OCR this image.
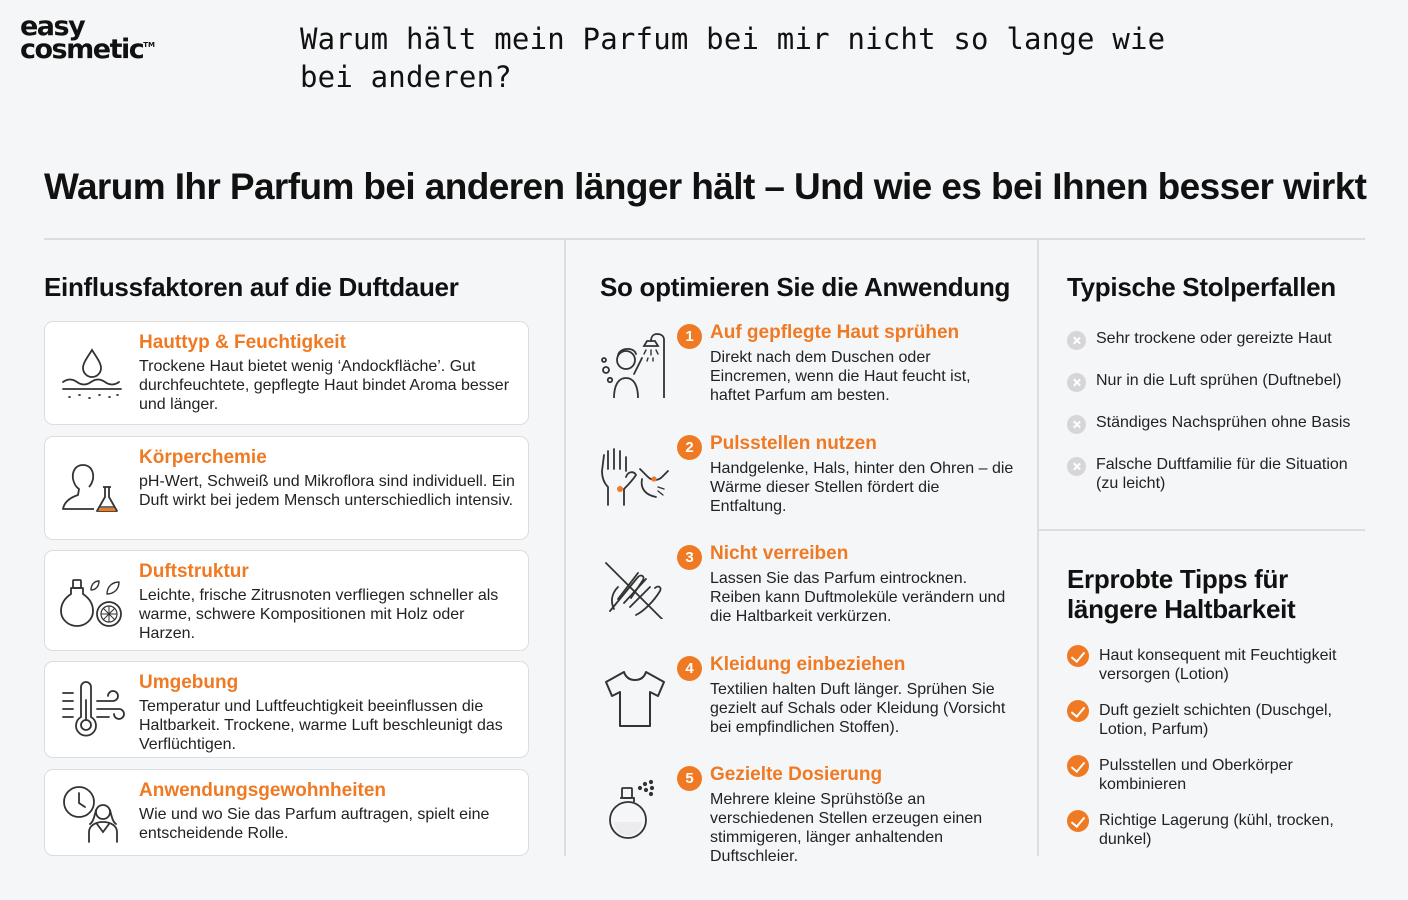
easy
cosmetic™	Warum hält mein Parfum bei mir nicht so lange wie bei anderen?
Warum Ihr Parfum bei anderen länger hält – Und wie es bei Ihnen besser wirkt
Einflussfaktoren auf die Duftdauer
Hauttyp & Feuchtigkeit
Trockene Haut bietet wenig ‘Andockfläche’. Gut durchfeuchtete, gepflegte Haut bindet Aroma besser und länger.
Körperchemie
pH-Wert, Schweiß und Mikroflora sind individuell. Ein Duft wirkt bei jedem Mensch unterschiedlich intensiv.
Duftstruktur
Leichte, frische Zitrusnoten verfliegen schneller als warme, schwere Kompositionen mit Holz oder Harzen.
Umgebung
Temperatur und Luftfeuchtigkeit beeinflussen die Haltbarkeit. Trockene, warme Luft beschleunigt das Verflüchtigen.
Anwendungsgewohnheiten
Wie und wo Sie das Parfum auftragen, spielt eine entscheidende Rolle.
So optimieren Sie die Anwendung
1 Auf gepflegte Haut sprühen
Direkt nach dem Duschen oder Eincremen, wenn die Haut feucht ist, haftet Parfum am besten.
2 Pulsstellen nutzen
Handgelenke, Hals, hinter den Ohren – die Wärme dieser Stellen fördert die Entfaltung.
3 Nicht verreiben
Lassen Sie das Parfum eintrocknen. Reiben kann Duftmoleküle verändern und die Haltbarkeit verkürzen.
4 Kleidung einbeziehen
Textilien halten Duft länger. Sprühen Sie gezielt auf Schals oder Kleidung (Vorsicht bei empfindlichen Stoffen).
5 Gezielte Dosierung
Mehrere kleine Sprühstöße an verschiedenen Stellen erzeugen einen stimmigeren, länger anhaltenden Duftschleier.
Typische Stolperfallen
Sehr trockene oder gereizte Haut
Nur in die Luft sprühen (Duftnebel)
Ständiges Nachsprühen ohne Basis
Falsche Duftfamilie für die Situation (zu leicht)
Erprobte Tipps für längere Haltbarkeit
Haut konsequent mit Feuchtigkeit versorgen (Lotion)
Duft gezielt schichten (Duschgel, Lotion, Parfum)
Pulsstellen und Oberkörper kombinieren
Richtige Lagerung (kühl, trocken, dunkel)
